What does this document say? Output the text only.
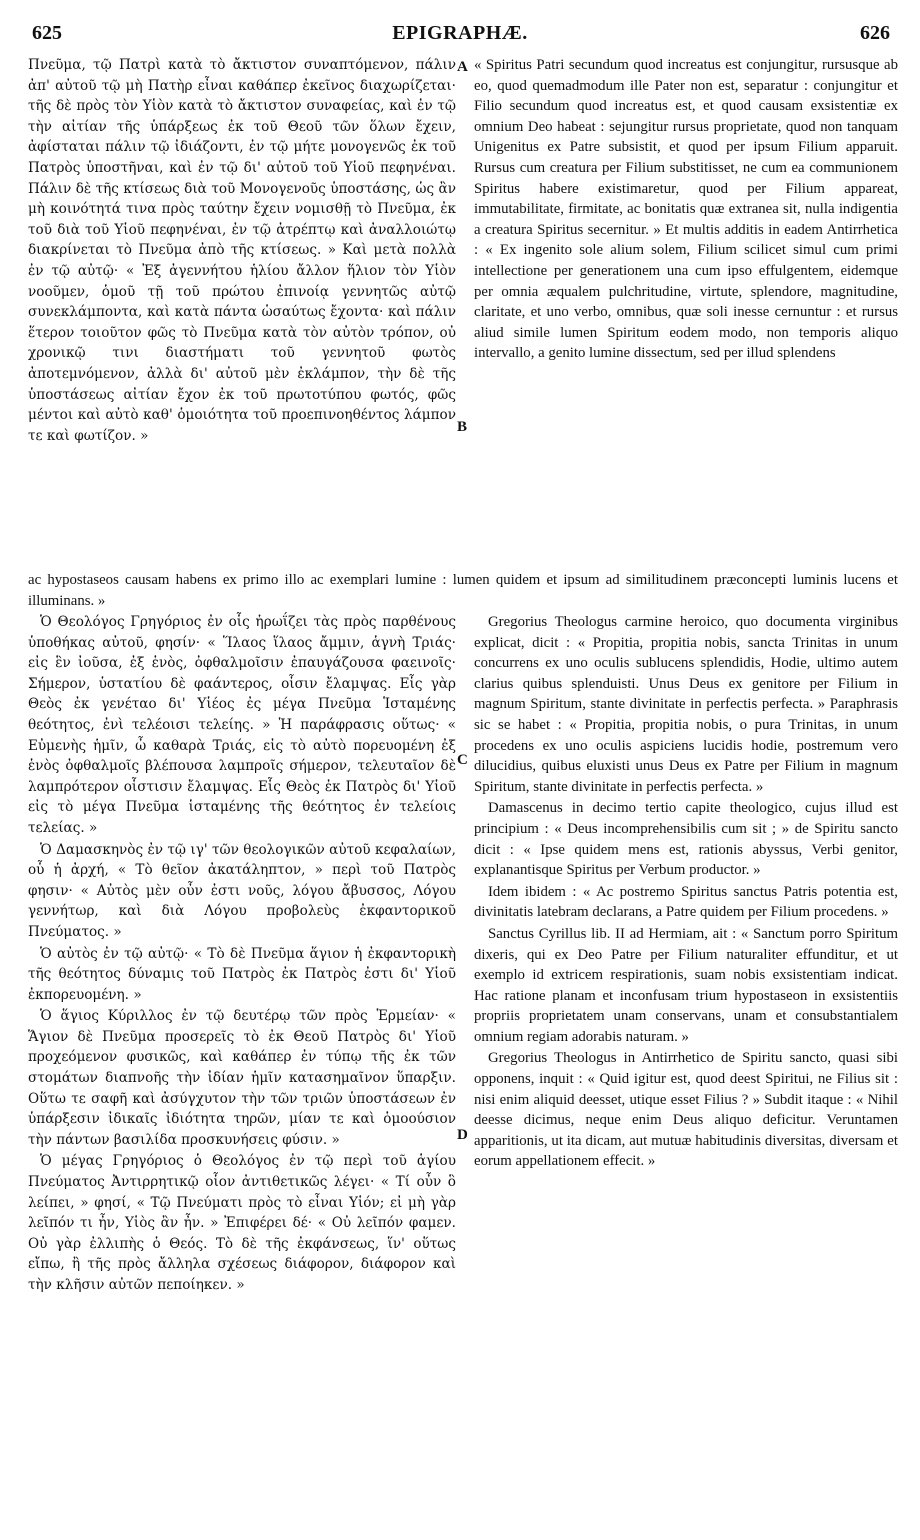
625	EPIGRAPHÆ.	626

Πνεῦμα, τῷ Πατρὶ κατὰ τὸ ἄκτιστον συναπτόμενον, πάλιν ἀπ' αὐτοῦ τῷ μὴ Πατὴρ εἶναι καθάπερ ἐκεῖνος διαχωρίζεται· τῆς δὲ πρὸς τὸν Υἱὸν κατὰ τὸ ἄκτιστον συναφείας, καὶ ἐν τῷ τὴν αἰτίαν τῆς ὑπάρξεως ἐκ τοῦ Θεοῦ τῶν ὅλων ἔχειν, ἀφίσταται πάλιν τῷ ἰδιάζοντι, ἐν τῷ μήτε μονογενῶς ἐκ τοῦ Πατρὸς ὑποστῆναι, καὶ ἐν τῷ δι' αὐτοῦ τοῦ Υἱοῦ πεφηνέναι. Πάλιν δὲ τῆς κτίσεως διὰ τοῦ Μονογενοῦς ὑποστάσης, ὡς ἂν μὴ κοινότητά τινα πρὸς ταύτην ἔχειν νομισθῇ τὸ Πνεῦμα, ἐκ τοῦ διὰ τοῦ Υἱοῦ πεφηνέναι, ἐν τῷ ἀτρέπτῳ καὶ ἀναλλοιώτῳ διακρίνεται τὸ Πνεῦμα ἀπὸ τῆς κτίσεως. » Καὶ μετὰ πολλὰ ἐν τῷ αὐτῷ· « Ἐξ ἀγεννήτου ἡλίου ἄλλον ἥλιον τὸν Υἱὸν νοοῦμεν, ὁμοῦ τῇ τοῦ πρώτου ἐπινοίᾳ γεννητῶς αὐτῷ συνεκλάμποντα, καὶ κατὰ πάντα ὡσαύτως ἔχοντα· καὶ πάλιν ἕτερον τοιοῦτον φῶς τὸ Πνεῦμα κατὰ τὸν αὐτὸν τρόπον, οὐ χρονικῷ τινι διαστήματι τοῦ γεννητοῦ φωτὸς ἀποτεμνόμενον, ἀλλὰ δι' αὐτοῦ μὲν ἐκλάμπον, τὴν δὲ τῆς ὑποστάσεως αἰτίαν ἔχον ἐκ τοῦ πρωτοτύπου φωτός, φῶς μέντοι καὶ αὐτὸ καθ' ὁμοιότητα τοῦ προεπινοηθέντος λάμπον τε καὶ φωτίζον. »

« Spiritus Patri secundum quod increatus est conjungitur, rursusque ab eo, quod quemadmodum ille Pater non est, separatur : conjungitur et Filio secundum quod increatus est, et quod causam exsistentiæ ex omnium Deo habeat : sejungitur rursus proprietate, quod non tanquam Unigenitus ex Patre subsistit, et quod per ipsum Filium apparuit. Rursus cum creatura per Filium substitisset, ne cum ea communionem Spiritus habere existimaretur, quod per Filium appareat, immutabilitate, firmitate, ac bonitatis quæ extranea sit, nulla indigentia a creatura Spiritus secernitur. » Et multis additis in eadem Antirrhetica : « Ex ingenito sole alium solem, Filium scilicet simul cum primi intellectione per generationem una cum ipso effulgentem, eidemque per omnia æqualem pulchritudine, virtute, splendore, magnitudine, claritate, et uno verbo, omnibus, quæ soli inesse cernuntur : et rursus aliud simile lumen Spiritum eodem modo, non temporis aliquo intervallo, a genito lumine dissectum, sed per illud splendens

A
B
ac hypostaseos causam habens ex primo illo ac exemplari lumine : lumen quidem et ipsum ad similitudinem præconcepti luminis lucens et illuminans. »

Ὁ Θεολόγος Γρηγόριος ἐν οἷς ἡρωΐζει τὰς πρὸς παρθένους ὑποθήκας αὐτοῦ, φησίν· « Ἵλαος ἵλαος ἄμμιν, ἁγνὴ Τριάς· εἰς ἓν ἰοῦσα, ἐξ ἑνὸς, ὀφθαλμοῖσιν ἐπαυγάζουσα φαεινοῖς· Σήμερον, ὑστατίου δὲ φαάντερος, οἷσιν ἔλαμψας. Εἷς γὰρ Θεὸς ἐκ γενέταο δι' Υἱέος ἐς μέγα Πνεῦμα Ἱσταμένης θεότητος, ἐνὶ τελέοισι τελείης. » Ἡ παράφρασις οὕτως· « Εὐμενὴς ἡμῖν, ὦ καθαρὰ Τριάς, εἰς τὸ αὐτὸ πορευομένη ἐξ ἑνὸς ὀφθαλμοῖς βλέπουσα λαμπροῖς σήμερον, τελευταῖον δὲ λαμπρότερον οἷστισιν ἔλαμψας. Εἷς Θεὸς ἐκ Πατρὸς δι' Υἱοῦ εἰς τὸ μέγα Πνεῦμα ἱσταμένης τῆς θεότητος ἐν τελείοις τελείας. »

Ὁ Δαμασκηνὸς ἐν τῷ ιγ' τῶν θεολογικῶν αὐτοῦ κεφαλαίων, οὗ ἡ ἀρχή, « Τὸ θεῖον ἀκατάληπτον, » περὶ τοῦ Πατρὸς φησιν· « Αὐτὸς μὲν οὖν ἐστι νοῦς, λόγου ἄβυσσος, Λόγου γεννήτωρ, καὶ διὰ Λόγου προβολεὺς ἐκφαντορικοῦ Πνεύματος. »

Ὁ αὐτὸς ἐν τῷ αὐτῷ· « Τὸ δὲ Πνεῦμα ἅγιον ἡ ἐκφαντορικὴ τῆς θεότητος δύναμις τοῦ Πατρὸς ἐκ Πατρὸς ἐστι δι' Υἱοῦ ἐκπορευομένη. »

Ὁ ἅγιος Κύριλλος ἐν τῷ δευτέρῳ τῶν πρὸς Ἑρμείαν· « Ἅγιον δὲ Πνεῦμα προσερεῖς τὸ ἐκ Θεοῦ Πατρὸς δι' Υἱοῦ προχεόμενον φυσικῶς, καὶ καθάπερ ἐν τύπῳ τῆς ἐκ τῶν στομάτων διαπνοῆς τὴν ἰδίαν ἡμῖν κατασημαῖνον ὕπαρξιν. Οὕτω τε σαφῆ καὶ ἀσύγχυτον τὴν τῶν τριῶν ὑποστάσεων ἐν ὑπάρξεσιν ἰδικαῖς ἰδιότητα τηρῶν, μίαν τε καὶ ὁμοούσιον τὴν πάντων βασιλίδα προσκυνήσεις φύσιν. »

Ὁ μέγας Γρηγόριος ὁ Θεολόγος ἐν τῷ περὶ τοῦ ἁγίου Πνεύματος Ἀντιρρητικῷ οἷον ἀντιθετικῶς λέγει· « Τί οὖν ὃ λείπει, » φησί, « Τῷ Πνεύματι πρὸς τὸ εἶναι Υἱόν; εἰ μὴ γὰρ λεῖπόν τι ἦν, Υἱὸς ἂν ἦν. » Ἐπιφέρει δέ· « Οὐ λεῖπόν φαμεν. Οὐ γὰρ ἐλλιπὴς ὁ Θεός. Τὸ δὲ τῆς ἐκφάνσεως, ἵν' οὕτως εἴπω, ἢ τῆς πρὸς ἄλληλα σχέσεως διάφορον, διάφορον καὶ τὴν κλῆσιν αὐτῶν πεποίηκεν. »

Gregorius Theologus carmine heroico, quo documenta virginibus explicat, dicit : « Propitia, propitia nobis, sancta Trinitas in unum concurrens ex uno oculis sublucens splendidis, Hodie, ultimo autem clarius quibus splenduisti. Unus Deus ex genitore per Filium in magnum Spiritum, stante divinitate in perfectis perfecta. » Paraphrasis sic se habet : « Propitia, propitia nobis, o pura Trinitas, in unum procedens ex uno oculis aspiciens lucidis hodie, postremum vero dilucidius, quibus eluxisti unus Deus ex Patre per Filium in magnum Spiritum, stante divinitate in perfectis perfecta. »

Damascenus in decimo tertio capite theologico, cujus illud est principium : « Deus incomprehensibilis cum sit ; » de Spiritu sancto dicit : « Ipse quidem mens est, rationis abyssus, Verbi genitor, explanantisque Spiritus per Verbum productor. »

Idem ibidem : « Ac postremo Spiritus sanctus Patris potentia est, divinitatis latebram declarans, a Patre quidem per Filium procedens. »

Sanctus Cyrillus lib. II ad Hermiam, ait : « Sanctum porro Spiritum dixeris, qui ex Deo Patre per Filium naturaliter effunditur, et ut exemplo id extricem respirationis, suam nobis exsistentiam indicat. Hac ratione planam et inconfusam trium hypostaseon in exsistentiis propriis proprietatem unam conservans, unam et consubstantialem omnium regiam adorabis naturam. »

Gregorius Theologus in Antirrhetico de Spiritu sancto, quasi sibi opponens, inquit : « Quid igitur est, quod deest Spiritui, ne Filius sit : nisi enim aliquid deesset, utique esset Filius ? » Subdit itaque : « Nihil deesse dicimus, neque enim Deus aliquo deficitur. Veruntamen apparitionis, ut ita dicam, aut mutuæ habitudinis diversitas, diversam et eorum appellationem effecit. »

C
D
